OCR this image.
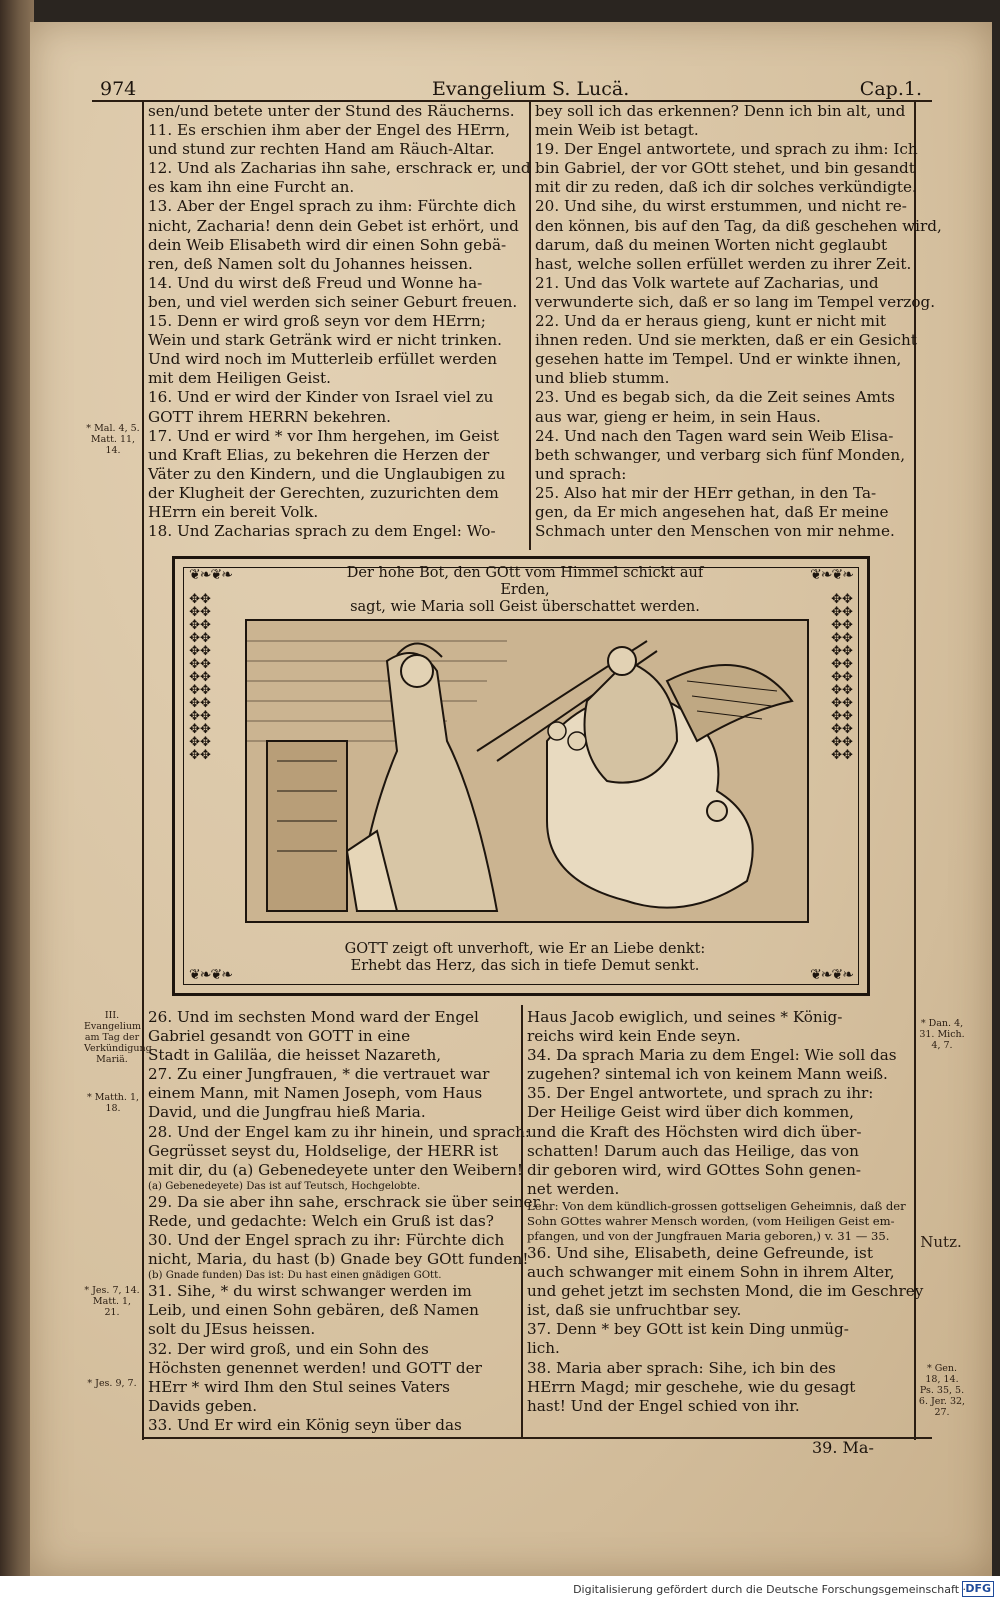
974	Evangelium S. Lucä.	Cap.1.

sen/und betete unter der Stund des Räucherns.

11. Es erschien ihm aber der Engel des HErrn,

und stund zur rechten Hand am Räuch-Altar.

12. Und als Zacharias ihn sahe, erschrack er, und

es kam ihn eine Furcht an.

13. Aber der Engel sprach zu ihm: Fürchte dich

nicht, Zacharia! denn dein Gebet ist erhört, und

dein Weib Elisabeth wird dir einen Sohn gebä-

ren, deß Namen solt du Johannes heissen.

14. Und du wirst deß Freud und Wonne ha-

ben, und viel werden sich seiner Geburt freuen.

15. Denn er wird groß seyn vor dem HErrn;

Wein und stark Getränk wird er nicht trinken.

Und wird noch im Mutterleib erfüllet werden

mit dem Heiligen Geist.

16. Und er wird der Kinder von Israel viel zu

GOTT ihrem HERRN bekehren.

17. Und er wird * vor Ihm hergehen, im Geist

und Kraft Elias, zu bekehren die Herzen der

Väter zu den Kindern, und die Unglaubigen zu

der Klugheit der Gerechten, zuzurichten dem

HErrn ein bereit Volk.

18. Und Zacharias sprach zu dem Engel: Wo-

bey soll ich das erkennen? Denn ich bin alt, und

mein Weib ist betagt.

19. Der Engel antwortete, und sprach zu ihm: Ich

bin Gabriel, der vor GOtt stehet, und bin gesandt

mit dir zu reden, daß ich dir solches verkündigte.

20. Und sihe, du wirst erstummen, und nicht re-

den können, bis auf den Tag, da diß geschehen wird,

darum, daß du meinen Worten nicht geglaubt

hast, welche sollen erfüllet werden zu ihrer Zeit.

21. Und das Volk wartete auf Zacharias, und

verwunderte sich, daß er so lang im Tempel verzog.

22. Und da er heraus gieng, kunt er nicht mit

ihnen reden. Und sie merkten, daß er ein Gesicht

gesehen hatte im Tempel. Und er winkte ihnen,

und blieb stumm.

23. Und es begab sich, da die Zeit seines Amts

aus war, gieng er heim, in sein Haus.

24. Und nach den Tagen ward sein Weib Elisa-

beth schwanger, und verbarg sich fünf Monden,

und sprach:

25. Also hat mir der HErr gethan, in den Ta-

gen, da Er mich angesehen hat, daß Er meine

Schmach unter den Menschen von mir nehme.

❦❧❦❧	❦❧❦❧
❦❧❦❧	❦❧❦❧
✥✥✥✥✥✥✥✥✥✥✥✥✥✥✥✥✥✥✥✥✥✥✥✥✥✥
✥✥✥✥✥✥✥✥✥✥✥✥✥✥✥✥✥✥✥✥✥✥✥✥✥✥
Der hohe Bot, den GOtt vom Himmel schickt auf Erden,
sagt, wie Maria soll Geist überschattet werden.
GOTT zeigt oft unverhoft, wie Er an Liebe denkt:
Erhebt das Herz, das sich in tiefe Demut senkt.

26. Und im sechsten Mond ward der Engel

Gabriel gesandt von GOTT in eine

Stadt in Galiläa, die heisset Nazareth,

27. Zu einer Jungfrauen, * die vertrauet war

einem Mann, mit Namen Joseph, vom Haus

David, und die Jungfrau hieß Maria.

28. Und der Engel kam zu ihr hinein, und sprach:

Gegrüsset seyst du, Holdselige, der HERR ist

mit dir, du (a) Gebenedeyete unter den Weibern!

(a) Gebenedeyete) Das ist auf Teutsch, Hochgelobte.

29. Da sie aber ihn sahe, erschrack sie über seiner

Rede, und gedachte: Welch ein Gruß ist das?

30. Und der Engel sprach zu ihr: Fürchte dich

nicht, Maria, du hast (b) Gnade bey GOtt funden!

(b) Gnade funden) Das ist: Du hast einen gnädigen GOtt.

31. Sihe, * du wirst schwanger werden im

Leib, und einen Sohn gebären, deß Namen

solt du JEsus heissen.

32. Der wird groß, und ein Sohn des

Höchsten genennet werden! und GOTT der

HErr * wird Ihm den Stul seines Vaters

Davids geben.

33. Und Er wird ein König seyn über das

Haus Jacob ewiglich, und seines * König-

reichs wird kein Ende seyn.

34. Da sprach Maria zu dem Engel: Wie soll das

zugehen? sintemal ich von keinem Mann weiß.

35. Der Engel antwortete, und sprach zu ihr:

Der Heilige Geist wird über dich kommen,

und die Kraft des Höchsten wird dich über-

schatten! Darum auch das Heilige, das von

dir geboren wird, wird GOttes Sohn genen-

net werden.

Lehr: Von dem kündlich-grossen gottseligen Geheimnis, daß der

Sohn GOttes wahrer Mensch worden, (vom Heiligen Geist em-

pfangen, und von der Jungfrauen Maria geboren,) v. 31 — 35.

36. Und sihe, Elisabeth, deine Gefreunde, ist

auch schwanger mit einem Sohn in ihrem Alter,

und gehet jetzt im sechsten Mond, die im Geschrey

ist, daß sie unfruchtbar sey.

37. Denn * bey GOtt ist kein Ding unmüg-

lich.

38. Maria aber sprach: Sihe, ich bin des

HErrn Magd; mir geschehe, wie du gesagt

hast! Und der Engel schied von ihr.

* Mal. 4, 5. Matt. 11, 14.
III. Evangelium am Tag der Verkündigung Mariä.
* Matth. 1, 18.
* Jes. 7, 14. Matt. 1, 21.
* Jes. 9, 7.
* Dan. 4, 31. Mich. 4, 7.
Nutz.
* Gen. 18, 14. Ps. 35, 5. 6. Jer. 32, 27.
39. Ma-
Digitalisierung gefördert durch die Deutsche Forschungsgemeinschaft · DFG
